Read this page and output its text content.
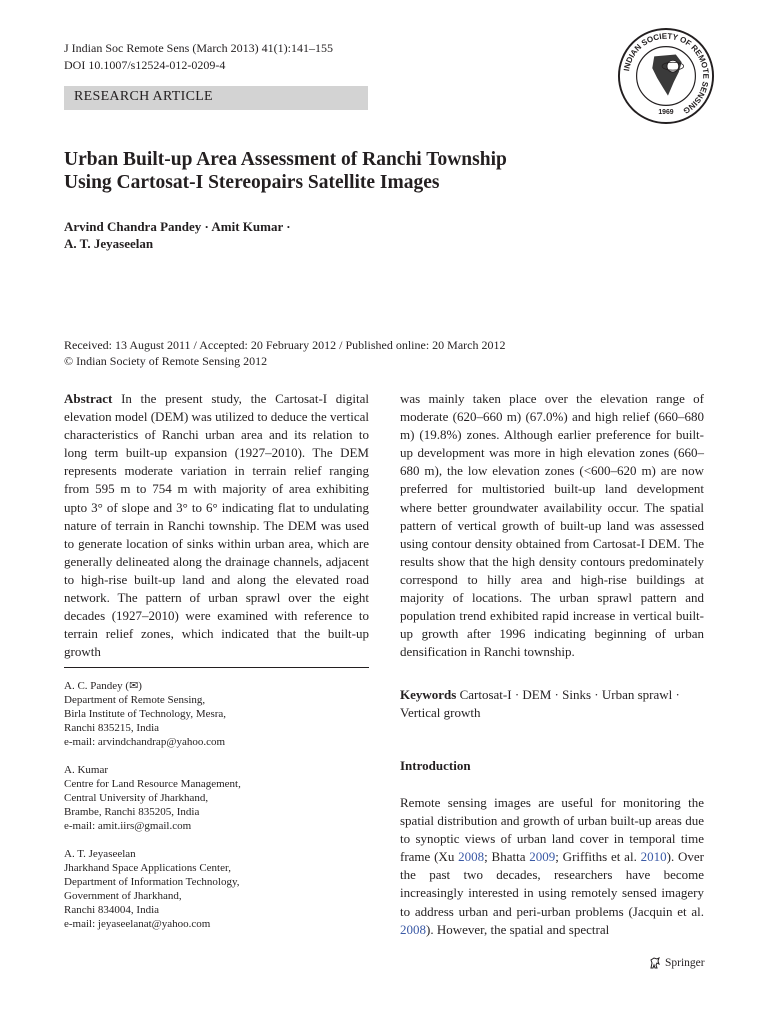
J Indian Soc Remote Sens (March 2013) 41(1):141–155
DOI 10.1007/s12524-012-0209-4
RESEARCH ARTICLE
INDIAN SOCIETY OF REMOTE SENSING
1969
Urban Built-up Area Assessment of Ranchi Township
Using Cartosat-I Stereopairs Satellite Images
Arvind Chandra Pandey · Amit Kumar ·
A. T. Jeyaseelan
Received: 13 August 2011 / Accepted: 20 February 2012 / Published online: 20 March 2012
© Indian Society of Remote Sensing 2012

Abstract In the present study, the Cartosat-I digital elevation model (DEM) was utilized to deduce the vertical characteristics of Ranchi urban area and its relation to long term built-up expansion (1927–2010). The DEM represents moderate variation in terrain relief ranging from 595 m to 754 m with majority of area exhibiting upto 3° of slope and 3° to 6° indicating flat to undulating nature of terrain in Ranchi township. The DEM was used to generate location of sinks within urban area, which are generally delineated along the drainage channels, adjacent to high-rise built-up land and along the elevated road network. The pattern of urban sprawl over the eight decades (1927–2010) were examined with reference to terrain relief zones, which indicated that the built-up growth

was mainly taken place over the elevation range of moderate (620–660 m) (67.0%) and high relief (660–680 m) (19.8%) zones. Although earlier preference for built-up development was more in high elevation zones (660–680 m), the low elevation zones (<600–620 m) are now preferred for multistoried built-up land development where better groundwater availability occur. The spatial pattern of vertical growth of built-up land was assessed using contour density obtained from Cartosat-I DEM. The results show that the high density contours predominately correspond to hilly area and high-rise buildings at majority of locations. The urban sprawl pattern and population trend exhibited rapid increase in vertical built-up growth after 1996 indicating beginning of urban densification in Ranchi township.

Keywords Cartosat-I · DEM · Sinks · Urban sprawl ·
Vertical growth
A. C. Pandey (✉)
Department of Remote Sensing,
Birla Institute of Technology, Mesra,
Ranchi 835215, India
e-mail: arvindchandrap@yahoo.com
A. Kumar
Centre for Land Resource Management,
Central University of Jharkhand,
Brambe, Ranchi 835205, India
e-mail: amit.iirs@gmail.com
A. T. Jeyaseelan
Jharkhand Space Applications Center,
Department of Information Technology,
Government of Jharkhand,
Ranchi 834004, India
e-mail: jeyaseelanat@yahoo.com
Introduction

Remote sensing images are useful for monitoring the spatial distribution and growth of urban built-up areas due to synoptic views of urban land cover in temporal time frame (Xu 2008; Bhatta 2009; Griffiths et al. 2010). Over the past two decades, researchers have become increasingly interested in using remotely sensed imagery to address urban and peri-urban problems (Jacquin et al. 2008). However, the spatial and spectral

Springer
